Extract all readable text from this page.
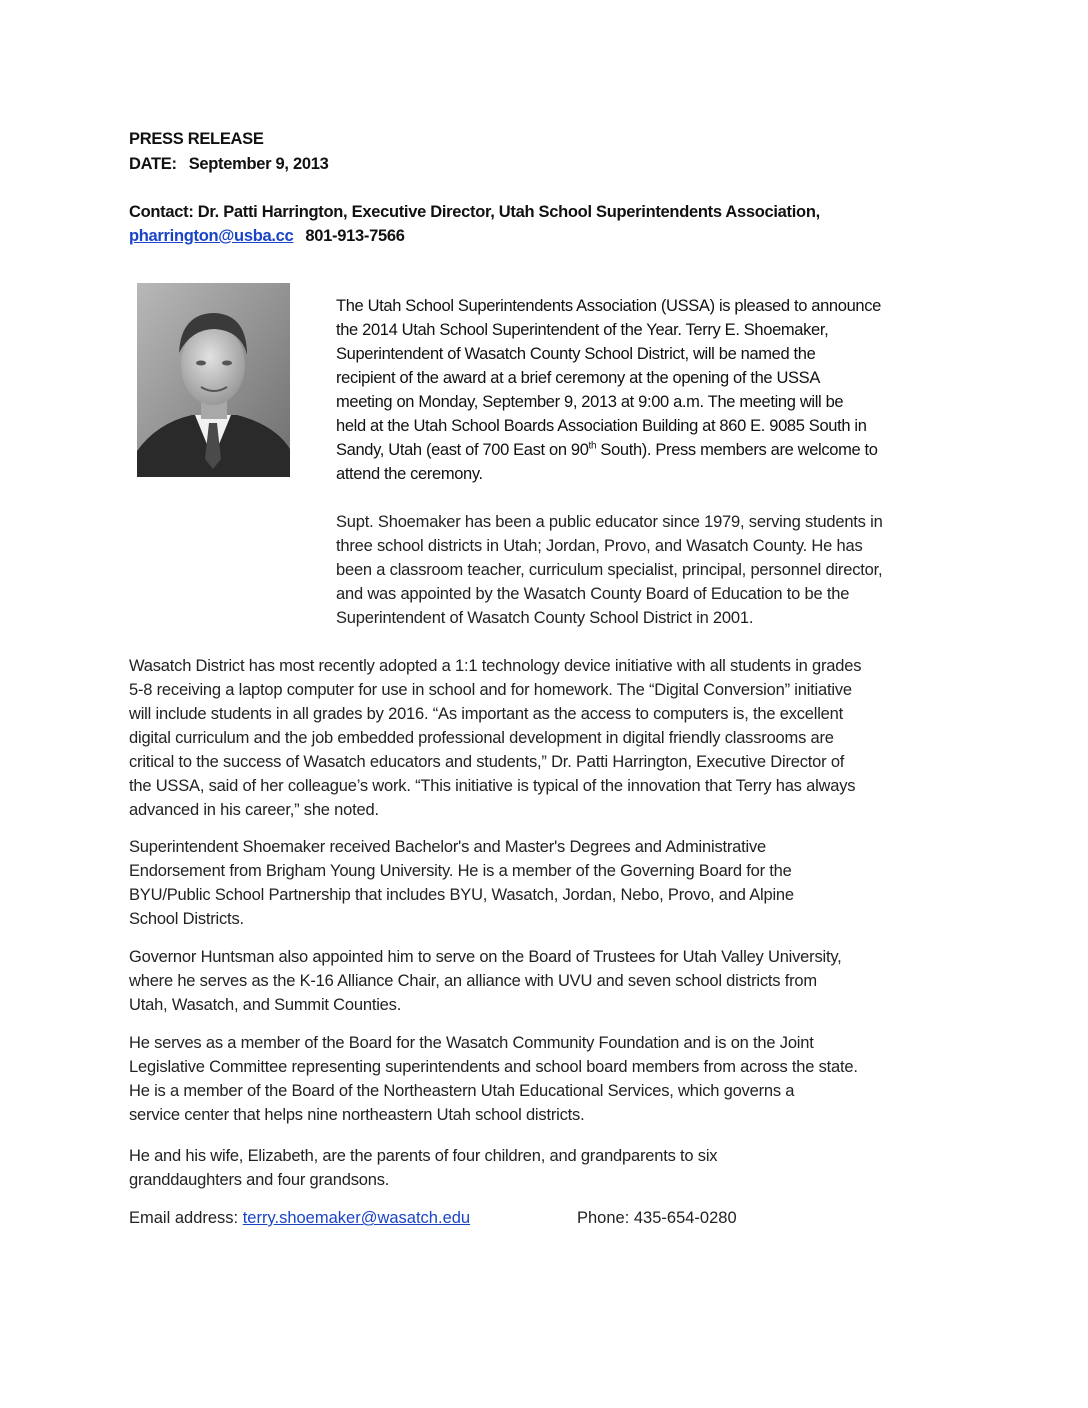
PRESS RELEASE
DATE: September 9, 2013
Contact: Dr. Patti Harrington, Executive Director, Utah School Superintendents Association,
pharrington@usba.cc 801-913-7566
The Utah School Superintendents Association (USSA) is pleased to announce
the 2014 Utah School Superintendent of the Year. Terry E. Shoemaker,
Superintendent of Wasatch County School District, will be named the
recipient of the award at a brief ceremony at the opening of the USSA
meeting on Monday, September 9, 2013 at 9:00 a.m. The meeting will be
held at the Utah School Boards Association Building at 860 E. 9085 South in
Sandy, Utah (east of 700 East on 90th South). Press members are welcome to
attend the ceremony.
Supt. Shoemaker has been a public educator since 1979, serving students in
three school districts in Utah; Jordan, Provo, and Wasatch County. He has
been a classroom teacher, curriculum specialist, principal, personnel director,
and was appointed by the Wasatch County Board of Education to be the
Superintendent of Wasatch County School District in 2001.
Wasatch District has most recently adopted a 1:1 technology device initiative with all students in grades
5-8 receiving a laptop computer for use in school and for homework. The “Digital Conversion” initiative
will include students in all grades by 2016. “As important as the access to computers is, the excellent
digital curriculum and the job embedded professional development in digital friendly classrooms are
critical to the success of Wasatch educators and students,” Dr. Patti Harrington, Executive Director of
the USSA, said of her colleague’s work. “This initiative is typical of the innovation that Terry has always
advanced in his career,” she noted.
Superintendent Shoemaker received Bachelor's and Master's Degrees and Administrative
Endorsement from Brigham Young University. He is a member of the Governing Board for the
BYU/Public School Partnership that includes BYU, Wasatch, Jordan, Nebo, Provo, and Alpine
School Districts.
Governor Huntsman also appointed him to serve on the Board of Trustees for Utah Valley University,
where he serves as the K-16 Alliance Chair, an alliance with UVU and seven school districts from
Utah, Wasatch, and Summit Counties.
He serves as a member of the Board for the Wasatch Community Foundation and is on the Joint
Legislative Committee representing superintendents and school board members from across the state.
He is a member of the Board of the Northeastern Utah Educational Services, which governs a
service center that helps nine northeastern Utah school districts.
He and his wife, Elizabeth, are the parents of four children, and grandparents to six
granddaughters and four grandsons.
Email address: terry.shoemaker@wasatch.edu	Phone: 435-654-0280
